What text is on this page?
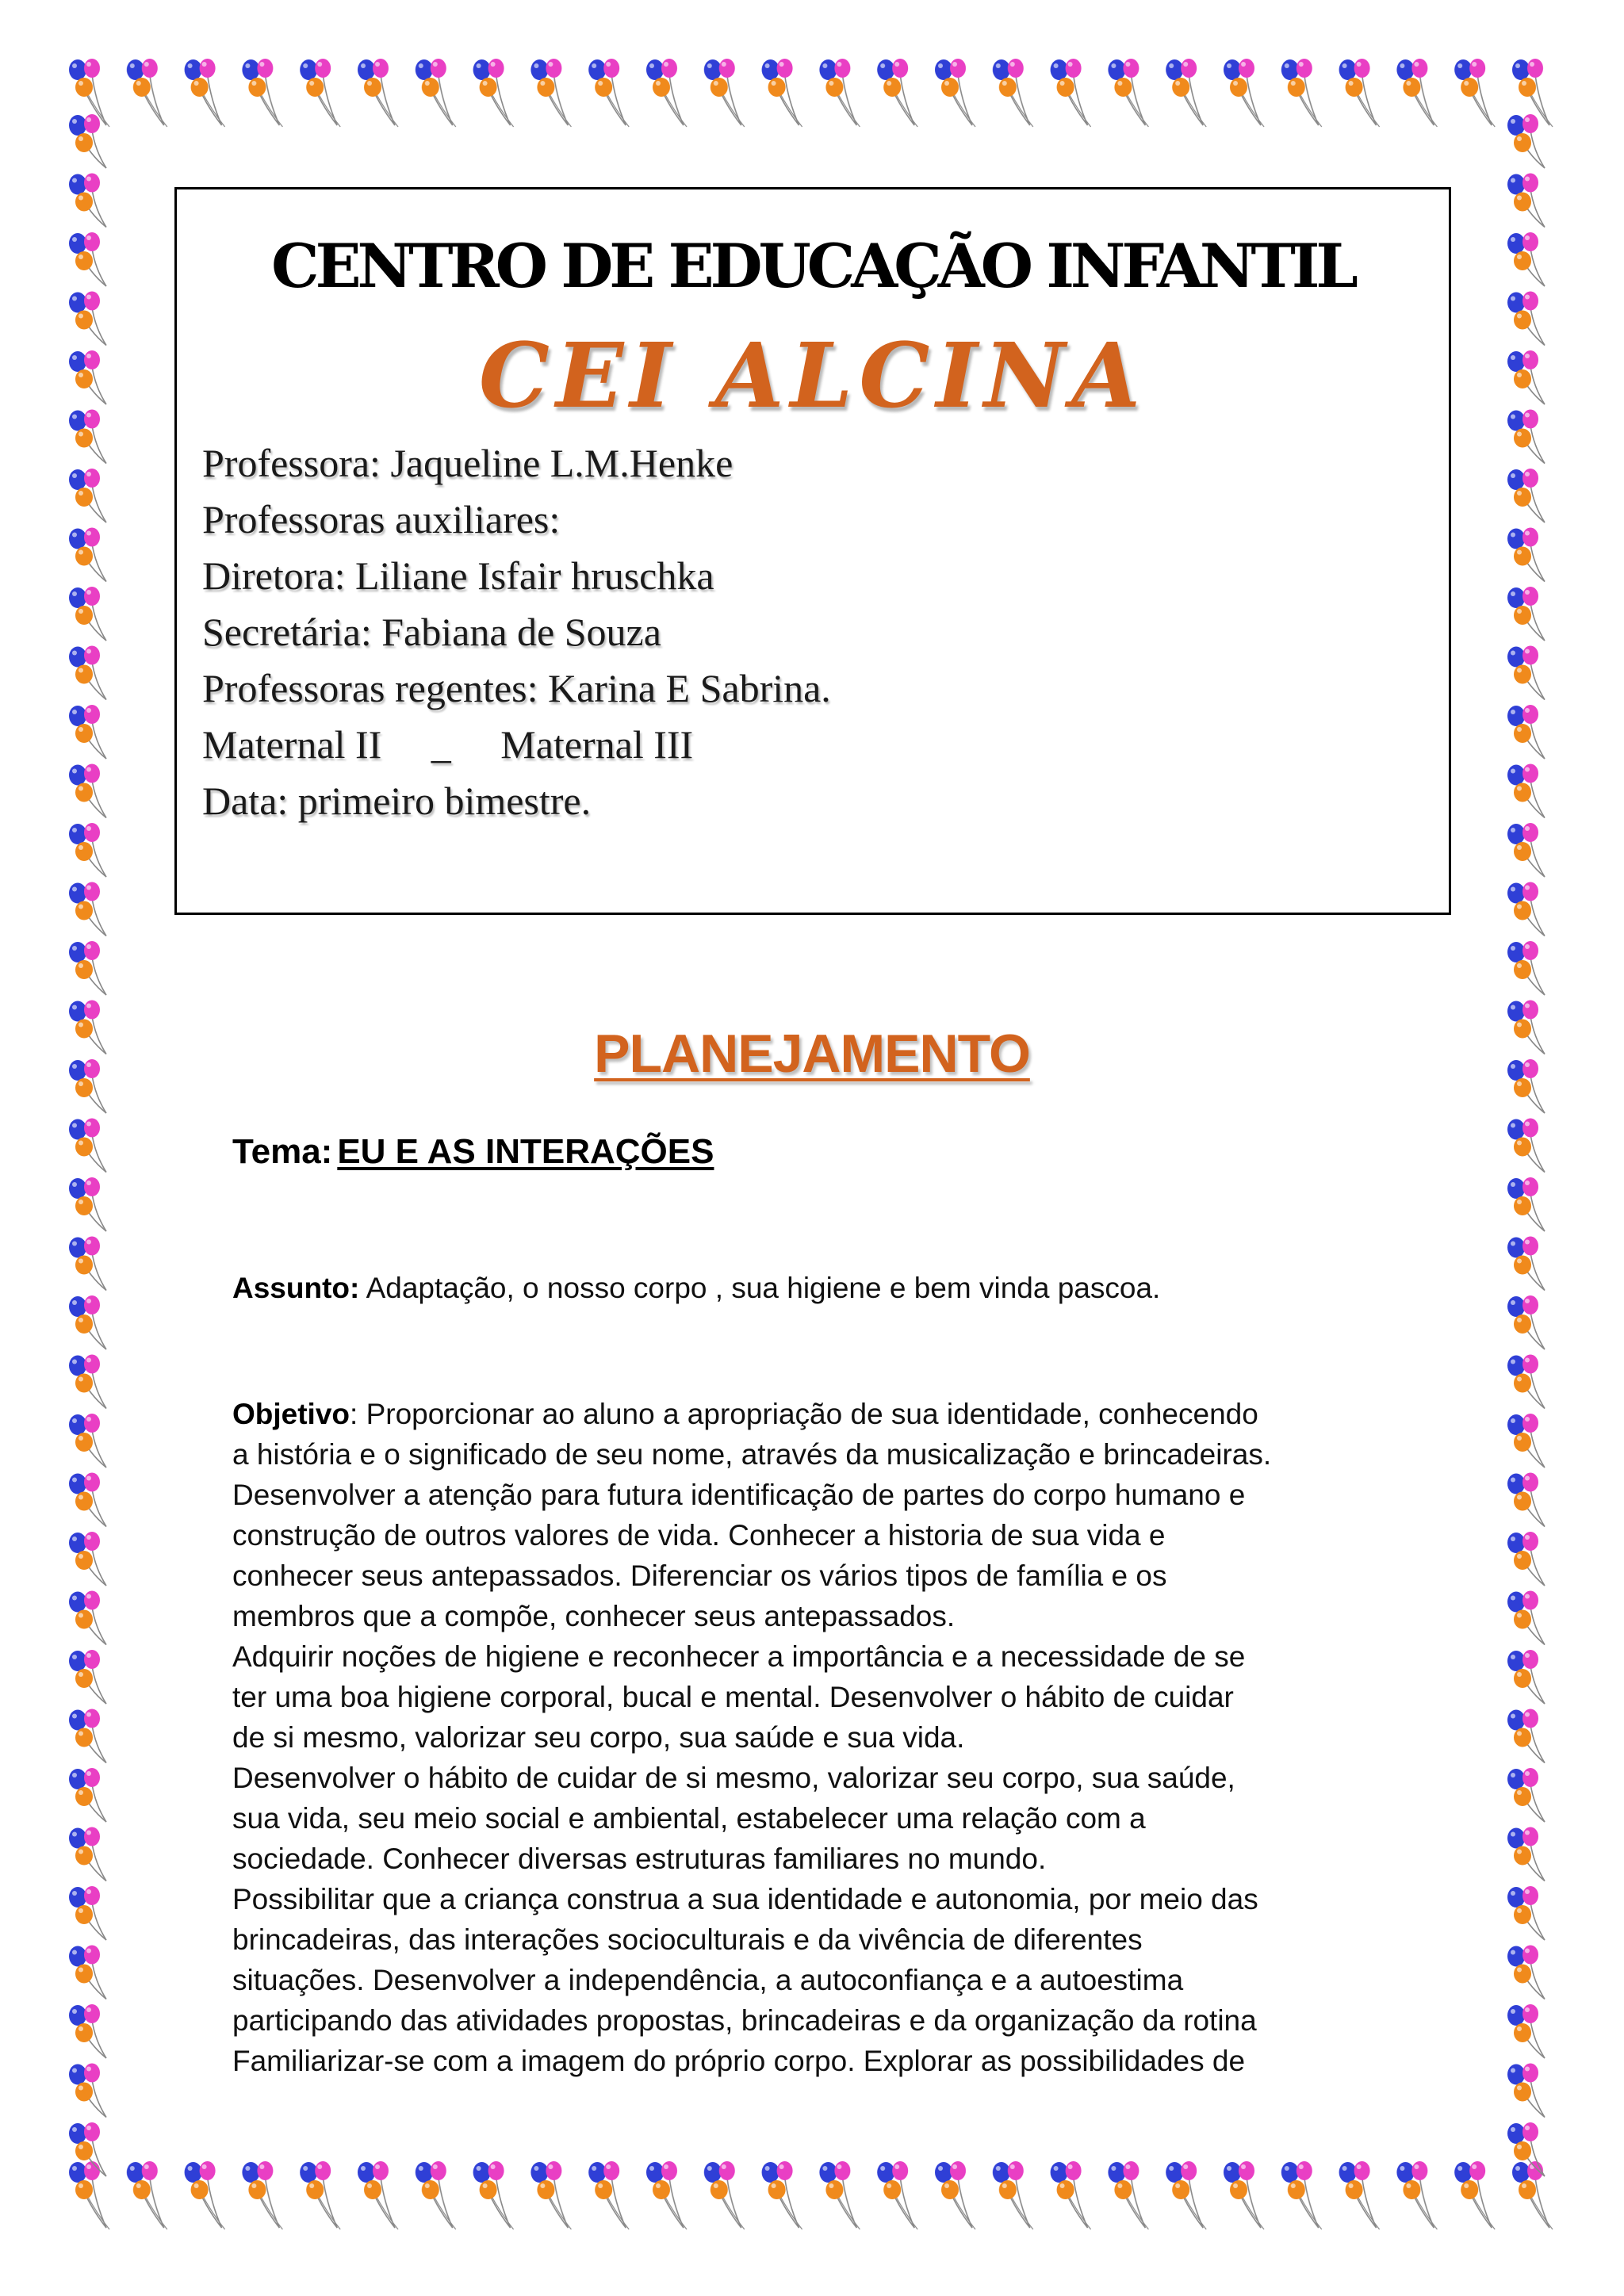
CENTRO DE EDUCAÇÃO INFANTIL
CEI ALCINA
Professora: Jaqueline L.M.Henke
Professoras auxiliares:
Diretora: Liliane Isfair hruschka
Secretária: Fabiana de Souza
Professoras regentes: Karina E Sabrina.
Maternal II     _     Maternal III
Data: primeiro bimestre.
PLANEJAMENTO
Tema: EU E AS INTERAÇÕES
Assunto: Adaptação, o nosso corpo , sua higiene e bem vinda pascoa.

Objetivo: Proporcionar ao aluno a apropriação de sua identidade, conhecendo

a história e o significado de seu nome, através da musicalização e brincadeiras.

Desenvolver a atenção para futura identificação de partes do corpo humano e

construção de outros valores de vida. Conhecer a historia de sua vida e

conhecer seus antepassados. Diferenciar os vários tipos de família e os

membros que a compõe, conhecer seus antepassados.

Adquirir noções de higiene e reconhecer a importância e a necessidade de se

ter uma boa higiene corporal, bucal e mental. Desenvolver o hábito de cuidar

de si mesmo, valorizar seu corpo, sua saúde e sua vida.

Desenvolver o hábito de cuidar de si mesmo, valorizar seu corpo, sua saúde,

sua vida, seu meio social e ambiental, estabelecer uma relação com a

sociedade. Conhecer diversas estruturas familiares no mundo.

Possibilitar que a criança construa a sua identidade e autonomia, por meio das

brincadeiras, das interações socioculturais e da vivência de diferentes

situações. Desenvolver a independência, a autoconfiança e a autoestima

participando das atividades propostas, brincadeiras e da organização da rotina

Familiarizar-se com a imagem do próprio corpo. Explorar as possibilidades de
